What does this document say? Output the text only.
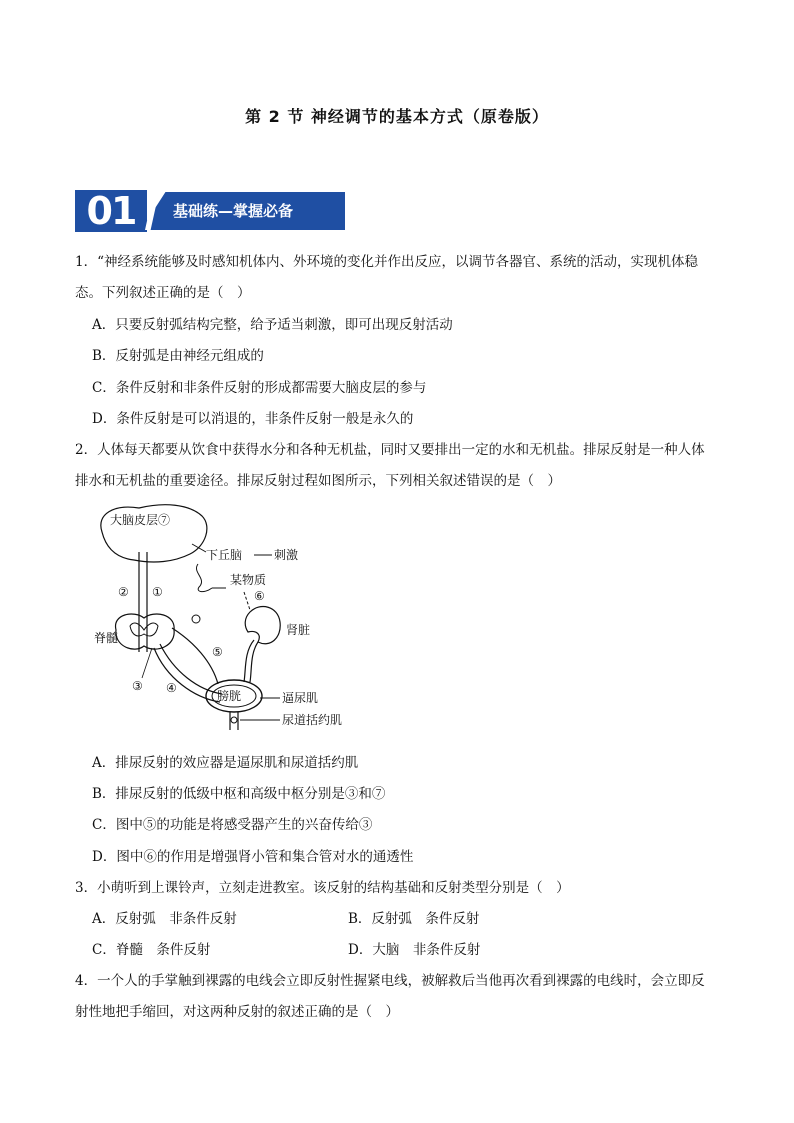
第 2 节 神经调节的基本方式（原卷版）
01	基础练—掌握必备
1．“神经系统能够及时感知机体内、外环境的变化并作出反应，以调节各器官、系统的活动，实现机体稳
态。下列叙述正确的是（　）
A．只要反射弧结构完整，给予适当刺激，即可出现反射活动
B．反射弧是由神经元组成的
C．条件反射和非条件反射的形成都需要大脑皮层的参与
D．条件反射是可以消退的，非条件反射一般是永久的
2．人体每天都要从饮食中获得水分和各种无机盐，同时又要排出一定的水和无机盐。排尿反射是一种人体
排水和无机盐的重要途径。排尿反射过程如图所示，下列相关叙述错误的是（　）
大脑皮层⑦
下丘脑	刺激
某物质
⑥
② ①
脊髓
③ ④
⑤
肾脏
膀胱	逼尿肌
尿道括约肌
A．排尿反射的效应器是逼尿肌和尿道括约肌
B．排尿反射的低级中枢和高级中枢分别是③和⑦
C．图中⑤的功能是将感受器产生的兴奋传给③
D．图中⑥的作用是增强肾小管和集合管对水的通透性
3．小萌听到上课铃声，立刻走进教室。该反射的结构基础和反射类型分别是（　）
A．反射弧　非条件反射	B．反射弧　条件反射
C．脊髓　条件反射	D．大脑　非条件反射
4．一个人的手掌触到裸露的电线会立即反射性握紧电线，被解救后当他再次看到裸露的电线时，会立即反
射性地把手缩回，对这两种反射的叙述正确的是（　）
